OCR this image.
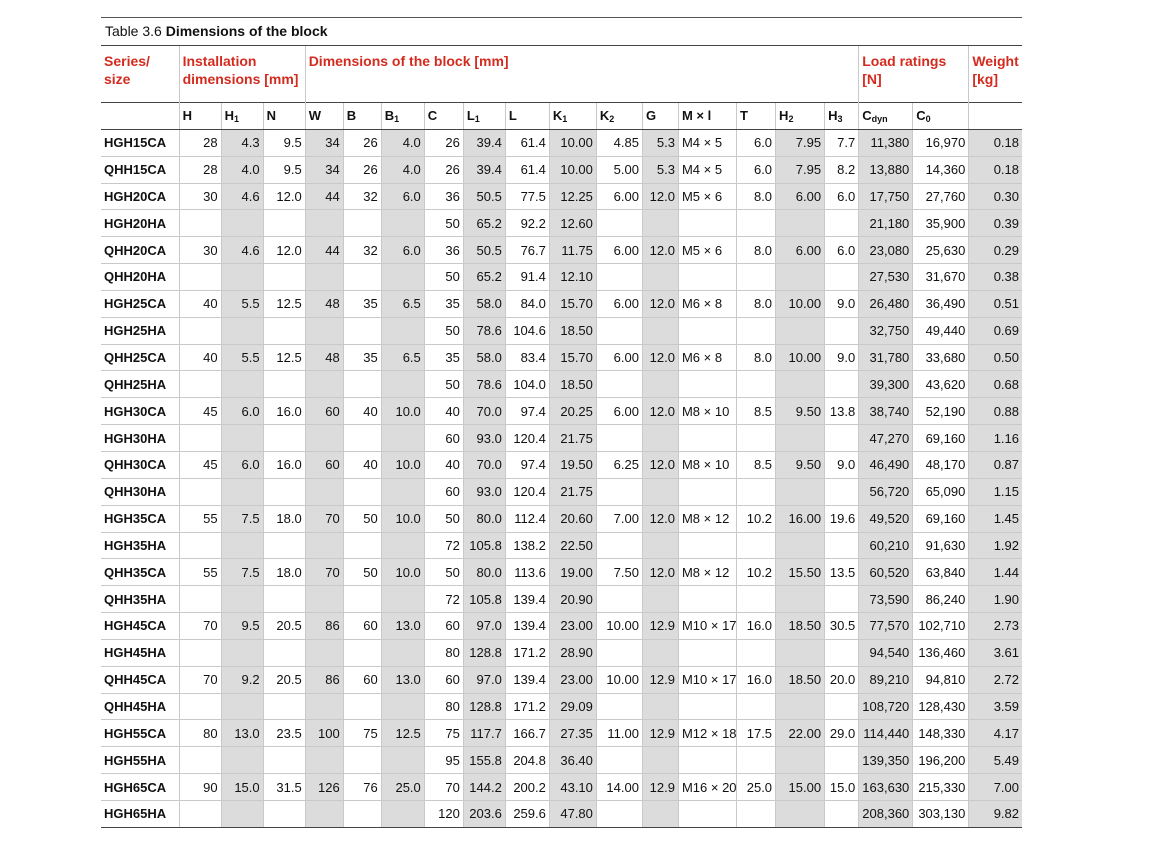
Table 3.6 Dimensions of the block
Series/ size	Installation dimensions [mm]			Dimensions of the block [mm]													Load ratings [N]		Weight [kg]
	H	$H_1$	N	W	B	$B_1$	C	$L_1$	L	$K_1$	$K_2$	G	M × l	T	$H_2$	$H_3$	$C_{dyn}$	$C_0$	
HGH15CA	28	4.3	9.5	34	26	4.0	26	39.4	61.4	10.00	4.85	5.3	M4 × 5	6.0	7.95	7.7	11,380	16,970	0.18
QHH15CA	28	4.0	9.5	34	26	4.0	26	39.4	61.4	10.00	5.00	5.3	M4 × 5	6.0	7.95	8.2	13,880	14,360	0.18
HGH20CA	30	4.6	12.0	44	32	6.0	36	50.5	77.5	12.25	6.00	12.0	M5 × 6	8.0	6.00	6.0	17,750	27,760	0.30
HGH20HA							50	65.2	92.2	12.60							21,180	35,900	0.39
QHH20CA	30	4.6	12.0	44	32	6.0	36	50.5	76.7	11.75	6.00	12.0	M5 × 6	8.0	6.00	6.0	23,080	25,630	0.29
QHH20HA							50	65.2	91.4	12.10							27,530	31,670	0.38
HGH25CA	40	5.5	12.5	48	35	6.5	35	58.0	84.0	15.70	6.00	12.0	M6 × 8	8.0	10.00	9.0	26,480	36,490	0.51
HGH25HA							50	78.6	104.6	18.50							32,750	49,440	0.69
QHH25CA	40	5.5	12.5	48	35	6.5	35	58.0	83.4	15.70	6.00	12.0	M6 × 8	8.0	10.00	9.0	31,780	33,680	0.50
QHH25HA							50	78.6	104.0	18.50							39,300	43,620	0.68
HGH30CA	45	6.0	16.0	60	40	10.0	40	70.0	97.4	20.25	6.00	12.0	M8 × 10	8.5	9.50	13.8	38,740	52,190	0.88
HGH30HA							60	93.0	120.4	21.75							47,270	69,160	1.16
QHH30CA	45	6.0	16.0	60	40	10.0	40	70.0	97.4	19.50	6.25	12.0	M8 × 10	8.5	9.50	9.0	46,490	48,170	0.87
QHH30HA							60	93.0	120.4	21.75							56,720	65,090	1.15
HGH35CA	55	7.5	18.0	70	50	10.0	50	80.0	112.4	20.60	7.00	12.0	M8 × 12	10.2	16.00	19.6	49,520	69,160	1.45
HGH35HA							72	105.8	138.2	22.50							60,210	91,630	1.92
QHH35CA	55	7.5	18.0	70	50	10.0	50	80.0	113.6	19.00	7.50	12.0	M8 × 12	10.2	15.50	13.5	60,520	63,840	1.44
QHH35HA							72	105.8	139.4	20.90							73,590	86,240	1.90
HGH45CA	70	9.5	20.5	86	60	13.0	60	97.0	139.4	23.00	10.00	12.9	M10 × 17	16.0	18.50	30.5	77,570	102,710	2.73
HGH45HA							80	128.8	171.2	28.90							94,540	136,460	3.61
QHH45CA	70	9.2	20.5	86	60	13.0	60	97.0	139.4	23.00	10.00	12.9	M10 × 17	16.0	18.50	20.0	89,210	94,810	2.72
QHH45HA							80	128.8	171.2	29.09							108,720	128,430	3.59
HGH55CA	80	13.0	23.5	100	75	12.5	75	117.7	166.7	27.35	11.00	12.9	M12 × 18	17.5	22.00	29.0	114,440	148,330	4.17
HGH55HA							95	155.8	204.8	36.40							139,350	196,200	5.49
HGH65CA	90	15.0	31.5	126	76	25.0	70	144.2	200.2	43.10	14.00	12.9	M16 × 20	25.0	15.00	15.0	163,630	215,330	7.00
HGH65HA							120	203.6	259.6	47.80							208,360	303,130	9.82
